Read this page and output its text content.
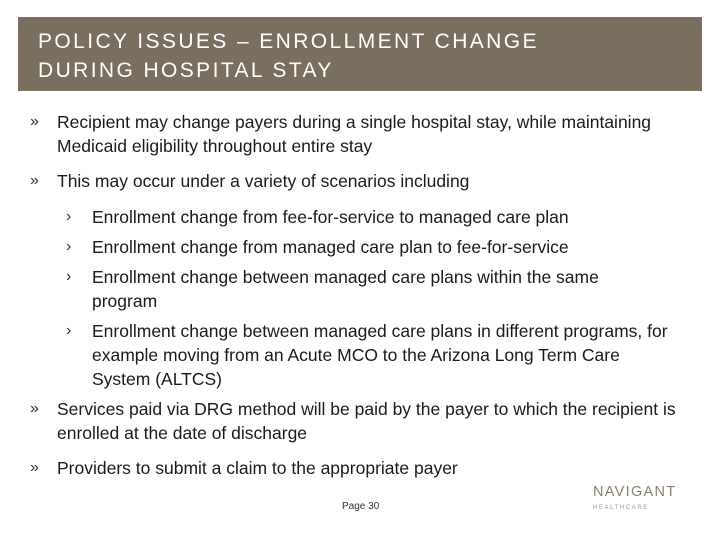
POLICY ISSUES – ENROLLMENT CHANGE
DURING HOSPITAL STAY
» Recipient may change payers during a single hospital stay, while maintaining Medicaid eligibility throughout entire stay
» This may occur under a variety of scenarios including
› Enrollment change from fee-for-service to managed care plan
› Enrollment change from managed care plan to fee-for-service
› Enrollment change between managed care plans within the same program
› Enrollment change between managed care plans in different programs, for example moving from an Acute MCO to the Arizona Long Term Care System (ALTCS)
» Services paid via DRG method will be paid by the payer to which the recipient is enrolled at the date of discharge
» Providers to submit a claim to the appropriate payer
Page 30
NAVIGANT
HEALTHCARE
